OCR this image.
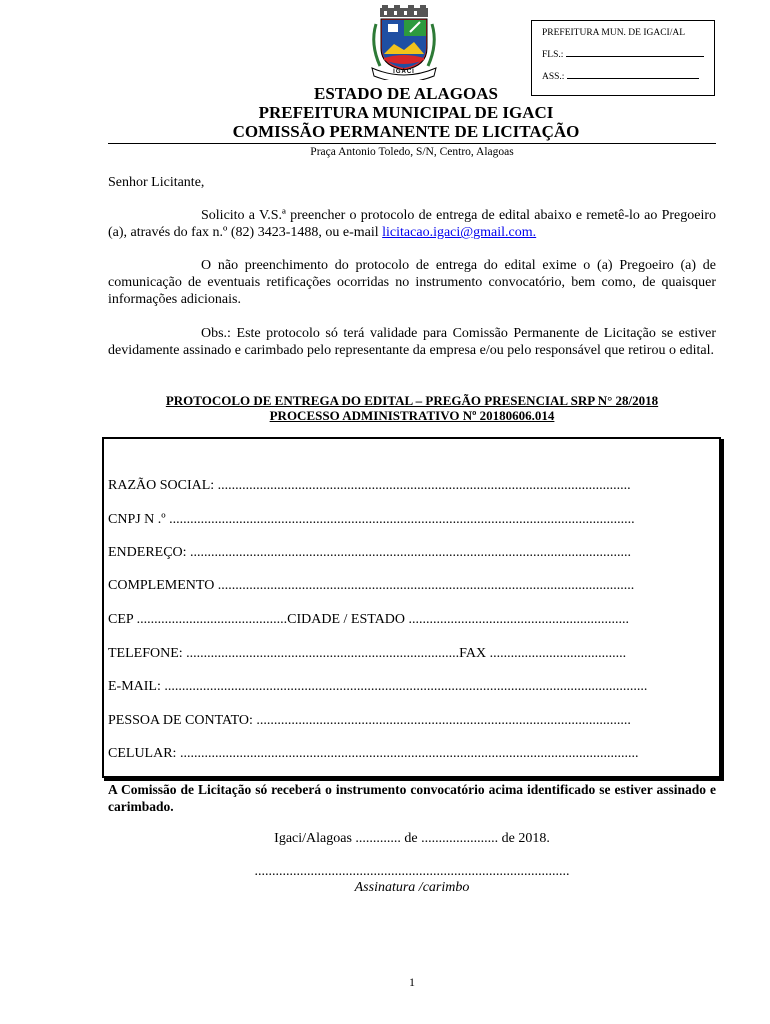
IGACI
PREFEITURA MUN. DE IGACI/AL
FLS.:
ASS.:
ESTADO DE ALAGOAS
PREFEITURA MUNICIPAL DE IGACI
COMISSÃO PERMANENTE DE LICITAÇÃO
Praça Antonio Toledo, S/N, Centro, Alagoas
Senhor Licitante,
Solicito a V.S.ª preencher o protocolo de entrega de edital abaixo e remetê-lo ao Pregoeiro (a), através do fax n.º (82) 3423-1488, ou e-mail licitacao.igaci@gmail.com.
O não preenchimento do protocolo de entrega do edital exime o (a) Pregoeiro (a) de comunicação de eventuais retificações ocorridas no instrumento convocatório, bem como, de quaisquer informações adicionais.
Obs.: Este protocolo só terá validade para Comissão Permanente de Licitação se estiver devidamente assinado e carimbado pelo representante da empresa e/ou pelo responsável que retirou o edital.
PROTOCOLO DE ENTREGA DO EDITAL – PREGÃO PRESENCIAL SRP N° 28/2018
PROCESSO ADMINISTRATIVO Nº 20180606.014
RAZÃO SOCIAL: ......................................................................................................................
CNPJ N .º .....................................................................................................................................
ENDEREÇO: ..............................................................................................................................
COMPLEMENTO .......................................................................................................................
CEP ...........................................CIDADE / ESTADO ...............................................................
TELEFONE: ..............................................................................FAX .......................................
E-MAIL: ..........................................................................................................................................
PESSOA DE CONTATO: ...........................................................................................................
CELULAR: ...................................................................................................................................
A Comissão de Licitação só receberá o instrumento convocatório acima identificado se estiver assinado e carimbado.
Igaci/Alagoas ............. de ...................... de 2018.
..........................................................................................
Assinatura /carimbo
1
